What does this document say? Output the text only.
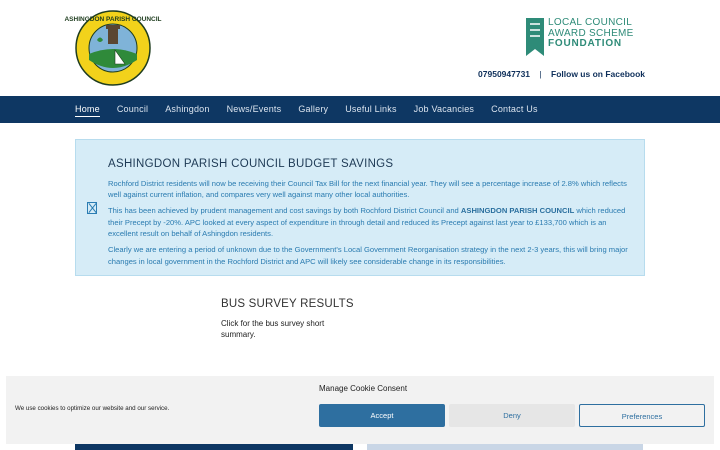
ASHINGDON PARISH COUNCIL	LOCAL COUNCIL
AWARD SCHEME
FOUNDATION
07950947731 | Follow us on Facebook
Home Council Ashingdon News/Events Gallery Useful Links Job Vacancies Contact Us
ASHINGDON PARISH COUNCIL BUDGET SAVINGS

Rochford District residents will now be receiving their Council Tax Bill for the next financial year. They will see a percentage increase of 2.8% which reflects well against current inflation, and compares very well against many other local authorities.

This has been achieved by prudent management and cost savings by both Rochford District Council and ASHINGDON PARISH COUNCIL which reduced their Precept by -20%. APC looked at every aspect of expenditure in through detail and reduced its Precept against last year to £133,700 which is an excellent result on behalf of Ashingdon residents.

Clearly we are entering a period of unknown due to the Government's Local Government Reorganisation strategy in the next 2-3 years, this will bring major changes in local government in the Rochford District and APC will likely see considerable change in its responsibilities.

BUS SURVEY RESULTS
Click for the bus survey short summary.
Manage Cookie Consent
We use cookies to optimize our website and our service.
Accept	Deny	Preferences
